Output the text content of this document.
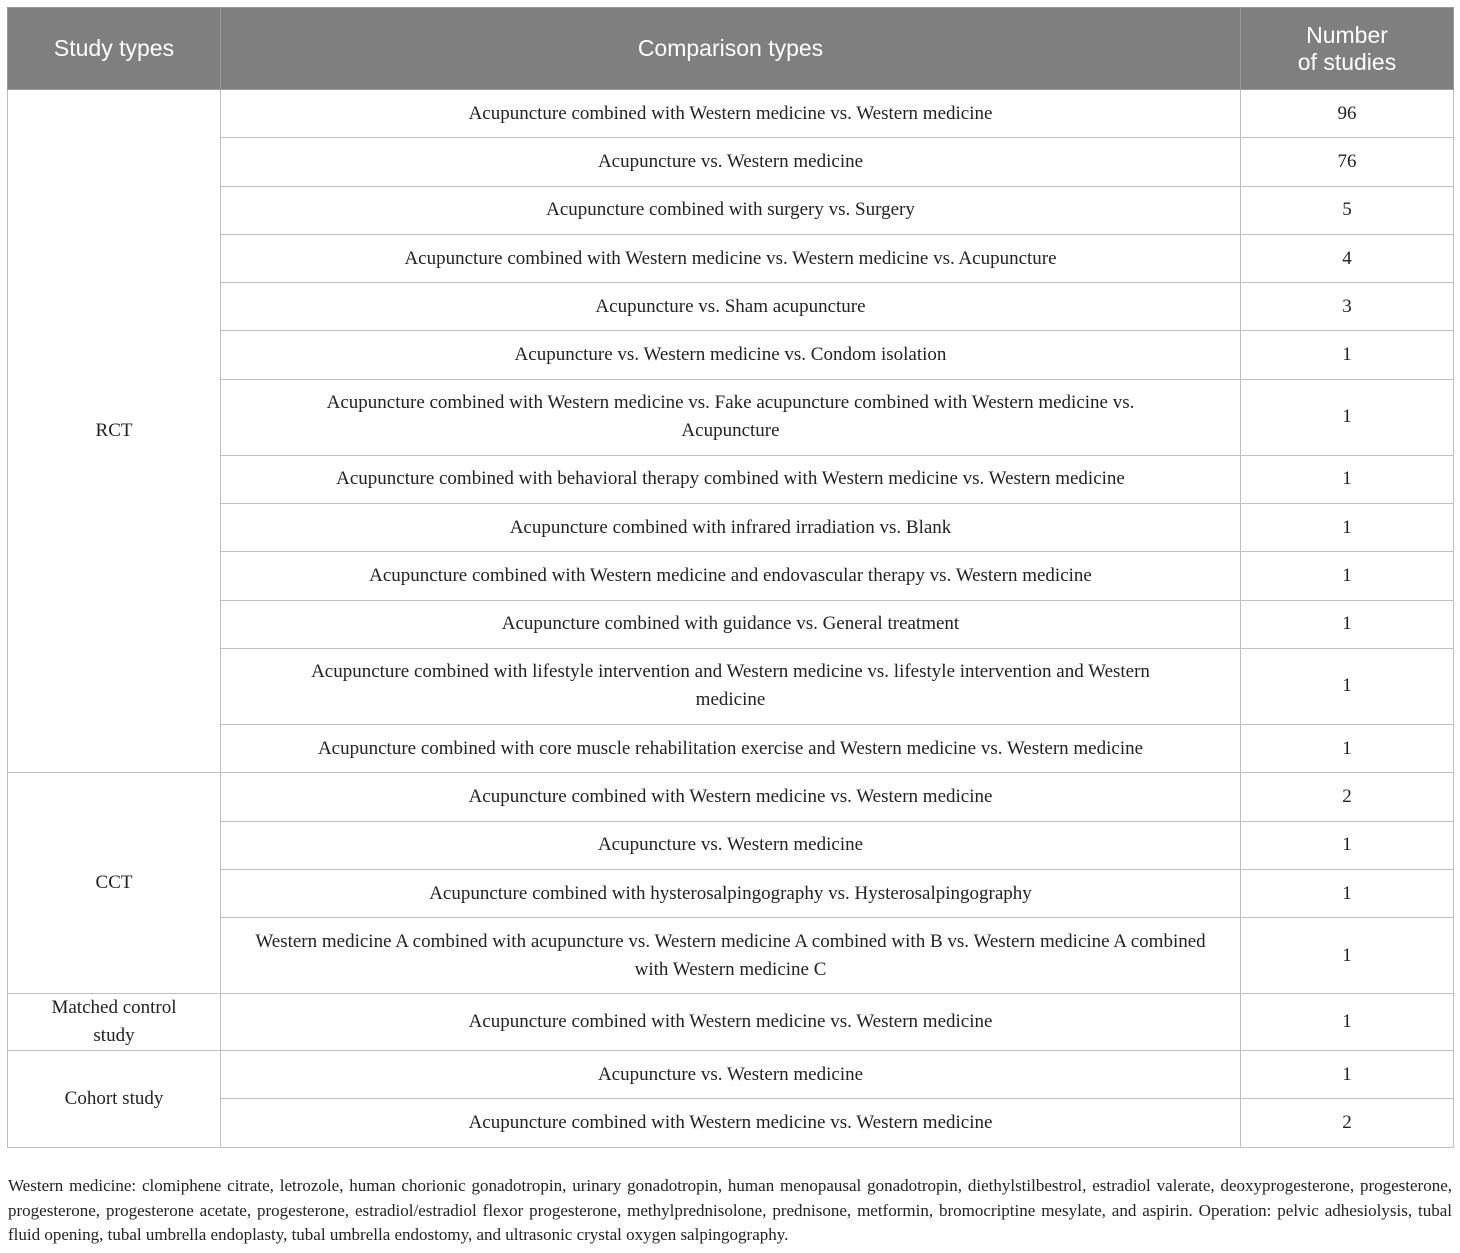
Study types	Comparison types	Number
of studies
RCT	Acupuncture combined with Western medicine vs. Western medicine	96
	Acupuncture vs. Western medicine	76
	Acupuncture combined with surgery vs. Surgery	5
	Acupuncture combined with Western medicine vs. Western medicine vs. Acupuncture	4
	Acupuncture vs. Sham acupuncture	3
	Acupuncture vs. Western medicine vs. Condom isolation	1
	Acupuncture combined with Western medicine vs. Fake acupuncture combined with Western medicine vs. Acupuncture	1
	Acupuncture combined with behavioral therapy combined with Western medicine vs. Western medicine	1
	Acupuncture combined with infrared irradiation vs. Blank	1
	Acupuncture combined with Western medicine and endovascular therapy vs. Western medicine	1
	Acupuncture combined with guidance vs. General treatment	1
	Acupuncture combined with lifestyle intervention and Western medicine vs. lifestyle intervention and Western medicine	1
	Acupuncture combined with core muscle rehabilitation exercise and Western medicine vs. Western medicine	1
CCT	Acupuncture combined with Western medicine vs. Western medicine	2
	Acupuncture vs. Western medicine	1
	Acupuncture combined with hysterosalpingography vs. Hysterosalpingography	1
	Western medicine A combined with acupuncture vs. Western medicine A combined with B vs. Western medicine A combined with Western medicine C	1
Matched control study	Acupuncture combined with Western medicine vs. Western medicine	1
Cohort study	Acupuncture vs. Western medicine	1
	Acupuncture combined with Western medicine vs. Western medicine	2

Western medicine: clomiphene citrate, letrozole, human chorionic gonadotropin, urinary gonadotropin, human menopausal gonadotropin, diethylstilbestrol, estradiol valerate, deoxyprogesterone, progesterone, progesterone, progesterone acetate, progesterone, estradiol/estradiol flexor progesterone, methylprednisolone, prednisone, metformin, bromocriptine mesylate, and aspirin. Operation: pelvic adhesiolysis, tubal fluid opening, tubal umbrella endoplasty, tubal umbrella endostomy, and ultrasonic crystal oxygen salpingography.
